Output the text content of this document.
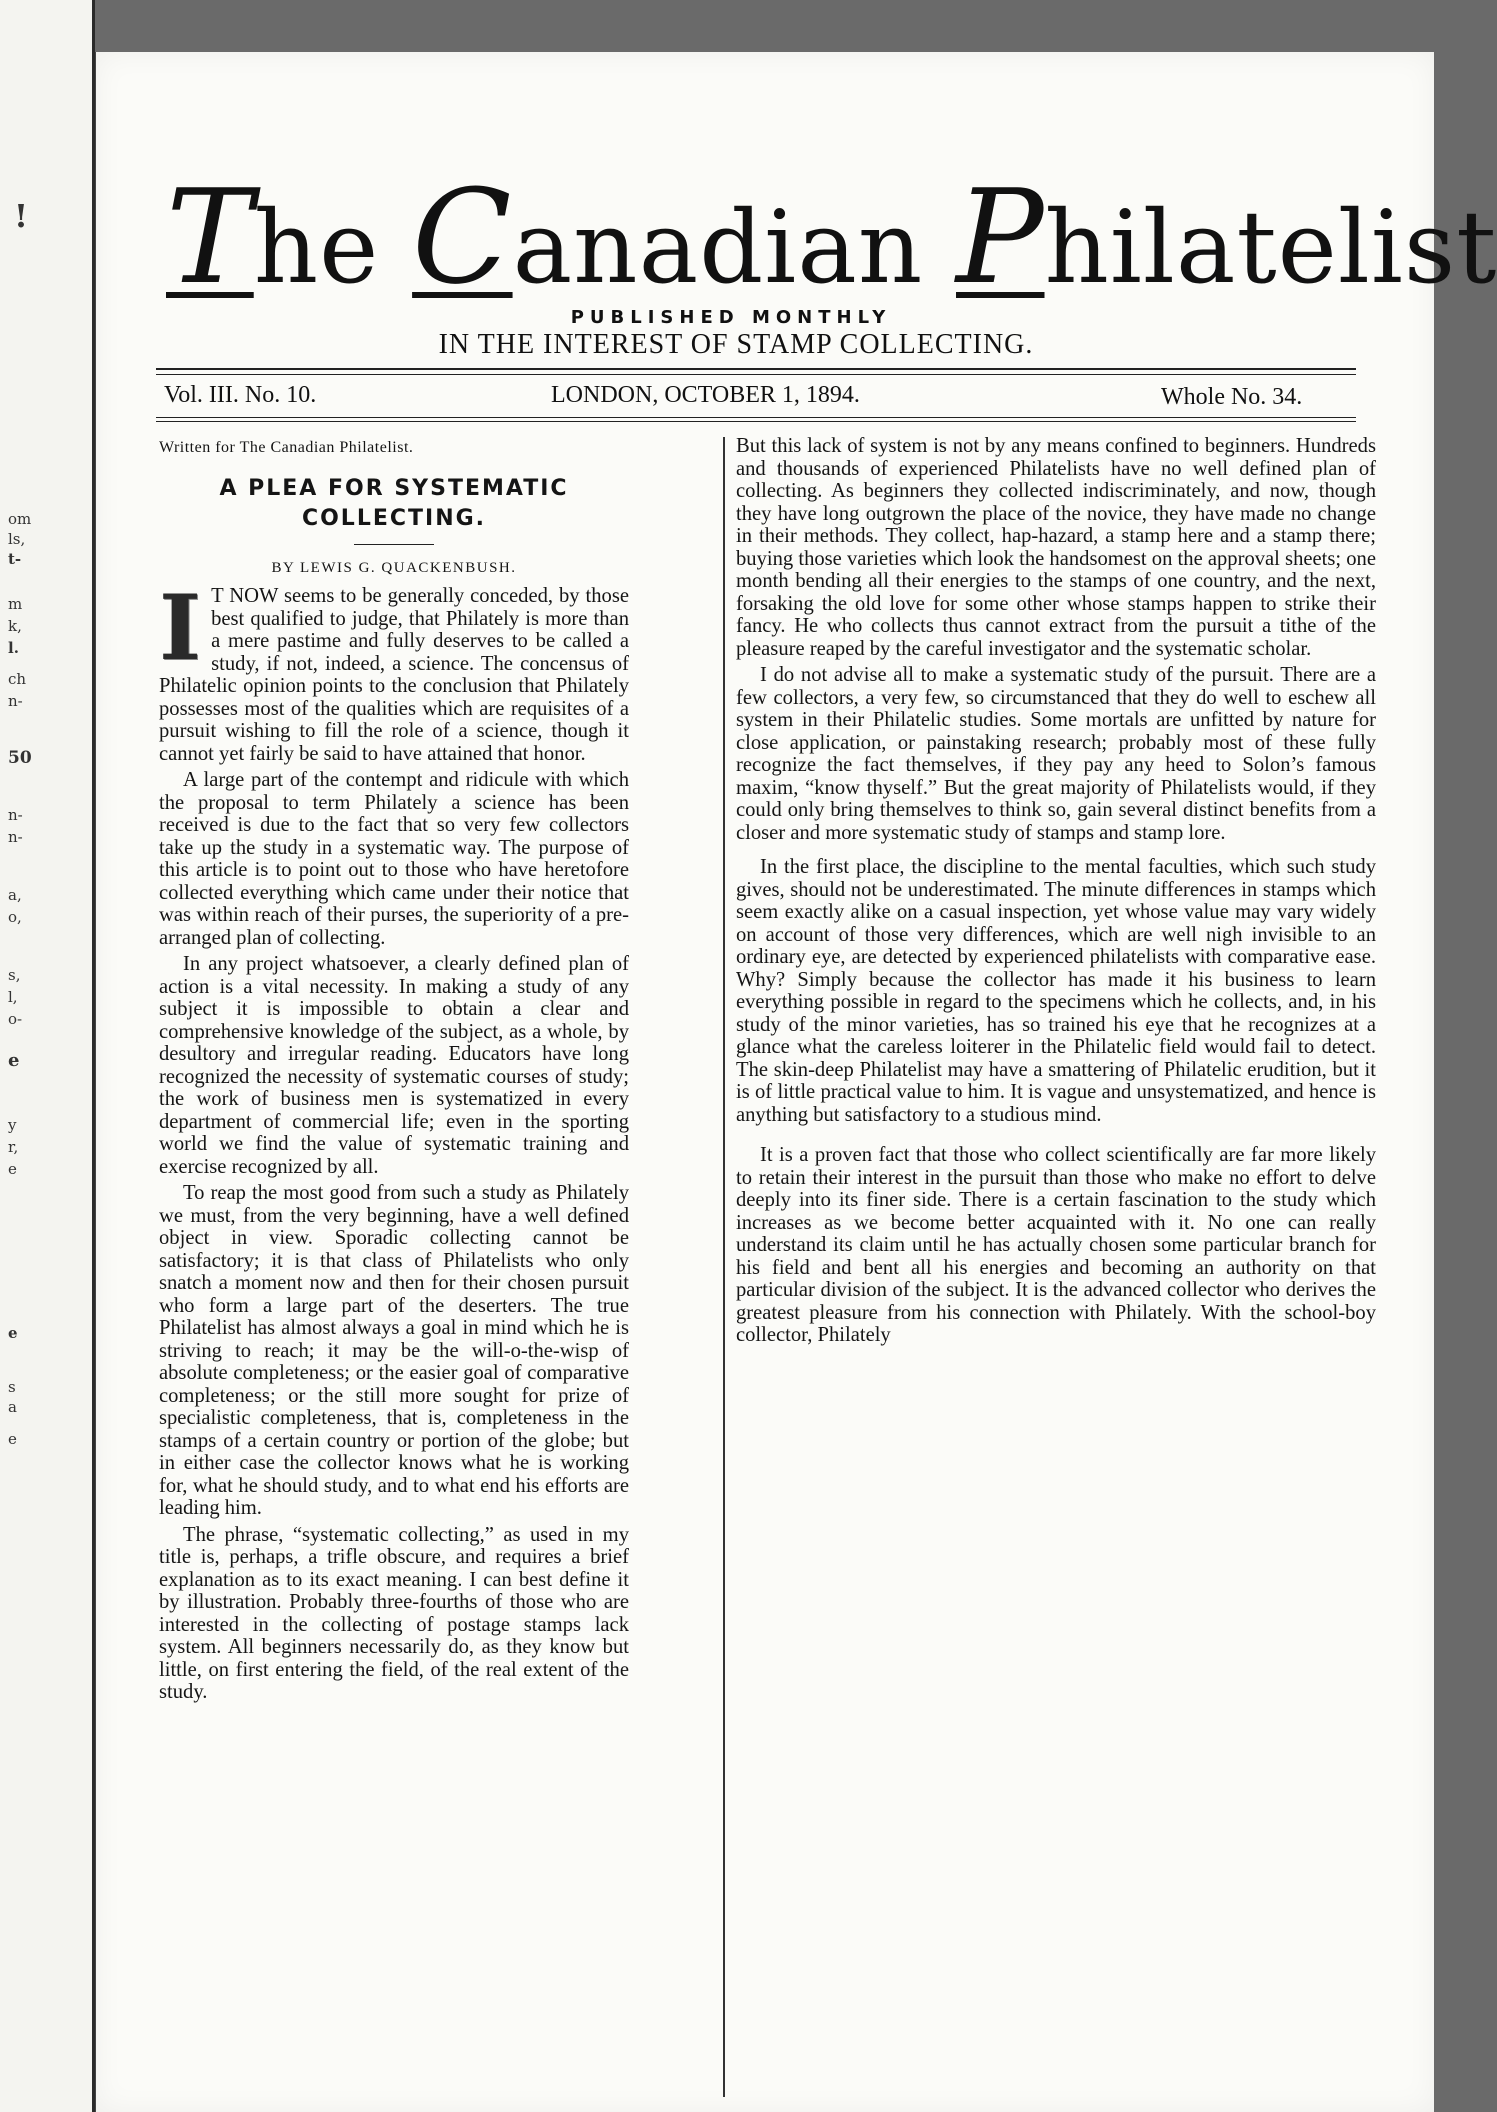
!
om
ls,
t-
m
k,
l.
ch
n-
50
n-
n-
a,
o,
s,
l,
o-
e
y
r,
e
e
s
a
e
The Canadian Philatelist
PUBLISHED MONTHLY
IN THE INTEREST OF STAMP COLLECTING.
Vol. III. No. 10.	LONDON, OCTOBER 1, 1894.	Whole No. 34.
Written for The Canadian Philatelist.
A PLEA FOR SYSTEMATIC
COLLECTING.
BY LEWIS G. QUACKENBUSH.

I T NOW seems to be generally conceded, by those best qualified to judge, that Philately is more than a mere pastime and fully deserves to be called a study, if not, indeed, a science. The concensus of Philatelic opinion points to the conclusion that Philately possesses most of the qualities which are requisites of a pursuit wishing to fill the role of a science, though it cannot yet fairly be said to have attained that honor.

A large part of the contempt and ridicule with which the proposal to term Philately a science has been received is due to the fact that so very few collectors take up the study in a systematic way. The purpose of this article is to point out to those who have heretofore collected everything which came under their notice that was within reach of their purses, the superiority of a pre-arranged plan of collecting.

In any project whatsoever, a clearly defined plan of action is a vital necessity. In making a study of any subject it is impossible to obtain a clear and comprehensive knowledge of the subject, as a whole, by desultory and irregular reading. Educators have long recognized the necessity of systematic courses of study; the work of business men is systematized in every department of commercial life; even in the sporting world we find the value of systematic training and exercise recognized by all.

To reap the most good from such a study as Philately we must, from the very beginning, have a well defined object in view. Sporadic collecting cannot be satisfactory; it is that class of Philatelists who only snatch a moment now and then for their chosen pursuit who form a large part of the deserters. The true Philatelist has almost always a goal in mind which he is striving to reach; it may be the will-o-the-wisp of absolute completeness; or the easier goal of comparative completeness; or the still more sought for prize of specialistic completeness, that is, completeness in the stamps of a certain country or portion of the globe; but in either case the collector knows what he is working for, what he should study, and to what end his efforts are leading him.

The phrase, “systematic collecting,” as used in my title is, perhaps, a trifle obscure, and requires a brief explanation as to its exact meaning. I can best define it by illustration. Probably three-fourths of those who are interested in the collecting of postage stamps lack system. All beginners necessarily do, as they know but little, on first entering the field, of the real extent of the study.

But this lack of system is not by any means confined to beginners. Hundreds and thousands of experienced Philatelists have no well defined plan of collecting. As beginners they collected indiscriminately, and now, though they have long outgrown the place of the novice, they have made no change in their methods. They collect, hap-hazard, a stamp here and a stamp there; buying those varieties which look the handsomest on the approval sheets; one month bending all their energies to the stamps of one country, and the next, forsaking the old love for some other whose stamps happen to strike their fancy. He who collects thus cannot extract from the pursuit a tithe of the pleasure reaped by the careful investigator and the systematic scholar.

I do not advise all to make a systematic study of the pursuit. There are a few collectors, a very few, so circumstanced that they do well to eschew all system in their Philatelic studies. Some mortals are unfitted by nature for close application, or painstaking research; probably most of these fully recognize the fact themselves, if they pay any heed to Solon’s famous maxim, “know thyself.” But the great majority of Philatelists would, if they could only bring themselves to think so, gain several distinct benefits from a closer and more systematic study of stamps and stamp lore.

In the first place, the discipline to the mental faculties, which such study gives, should not be underestimated. The minute differences in stamps which seem exactly alike on a casual inspection, yet whose value may vary widely on account of those very differences, which are well nigh invisible to an ordinary eye, are detected by experienced philatelists with comparative ease. Why? Simply because the collector has made it his business to learn everything possible in regard to the specimens which he collects, and, in his study of the minor varieties, has so trained his eye that he recognizes at a glance what the careless loiterer in the Philatelic field would fail to detect. The skin-deep Philatelist may have a smattering of Philatelic erudition, but it is of little practical value to him. It is vague and unsystematized, and hence is anything but satisfactory to a studious mind.

It is a proven fact that those who collect scientifically are far more likely to retain their interest in the pursuit than those who make no effort to delve deeply into its finer side. There is a certain fascination to the study which increases as we become better acquainted with it. No one can really understand its claim until he has actually chosen some particular branch for his field and bent all his energies and becoming an authority on that particular division of the subject. It is the advanced collector who derives the greatest pleasure from his connection with Philately. With the school-boy collector, Philately
